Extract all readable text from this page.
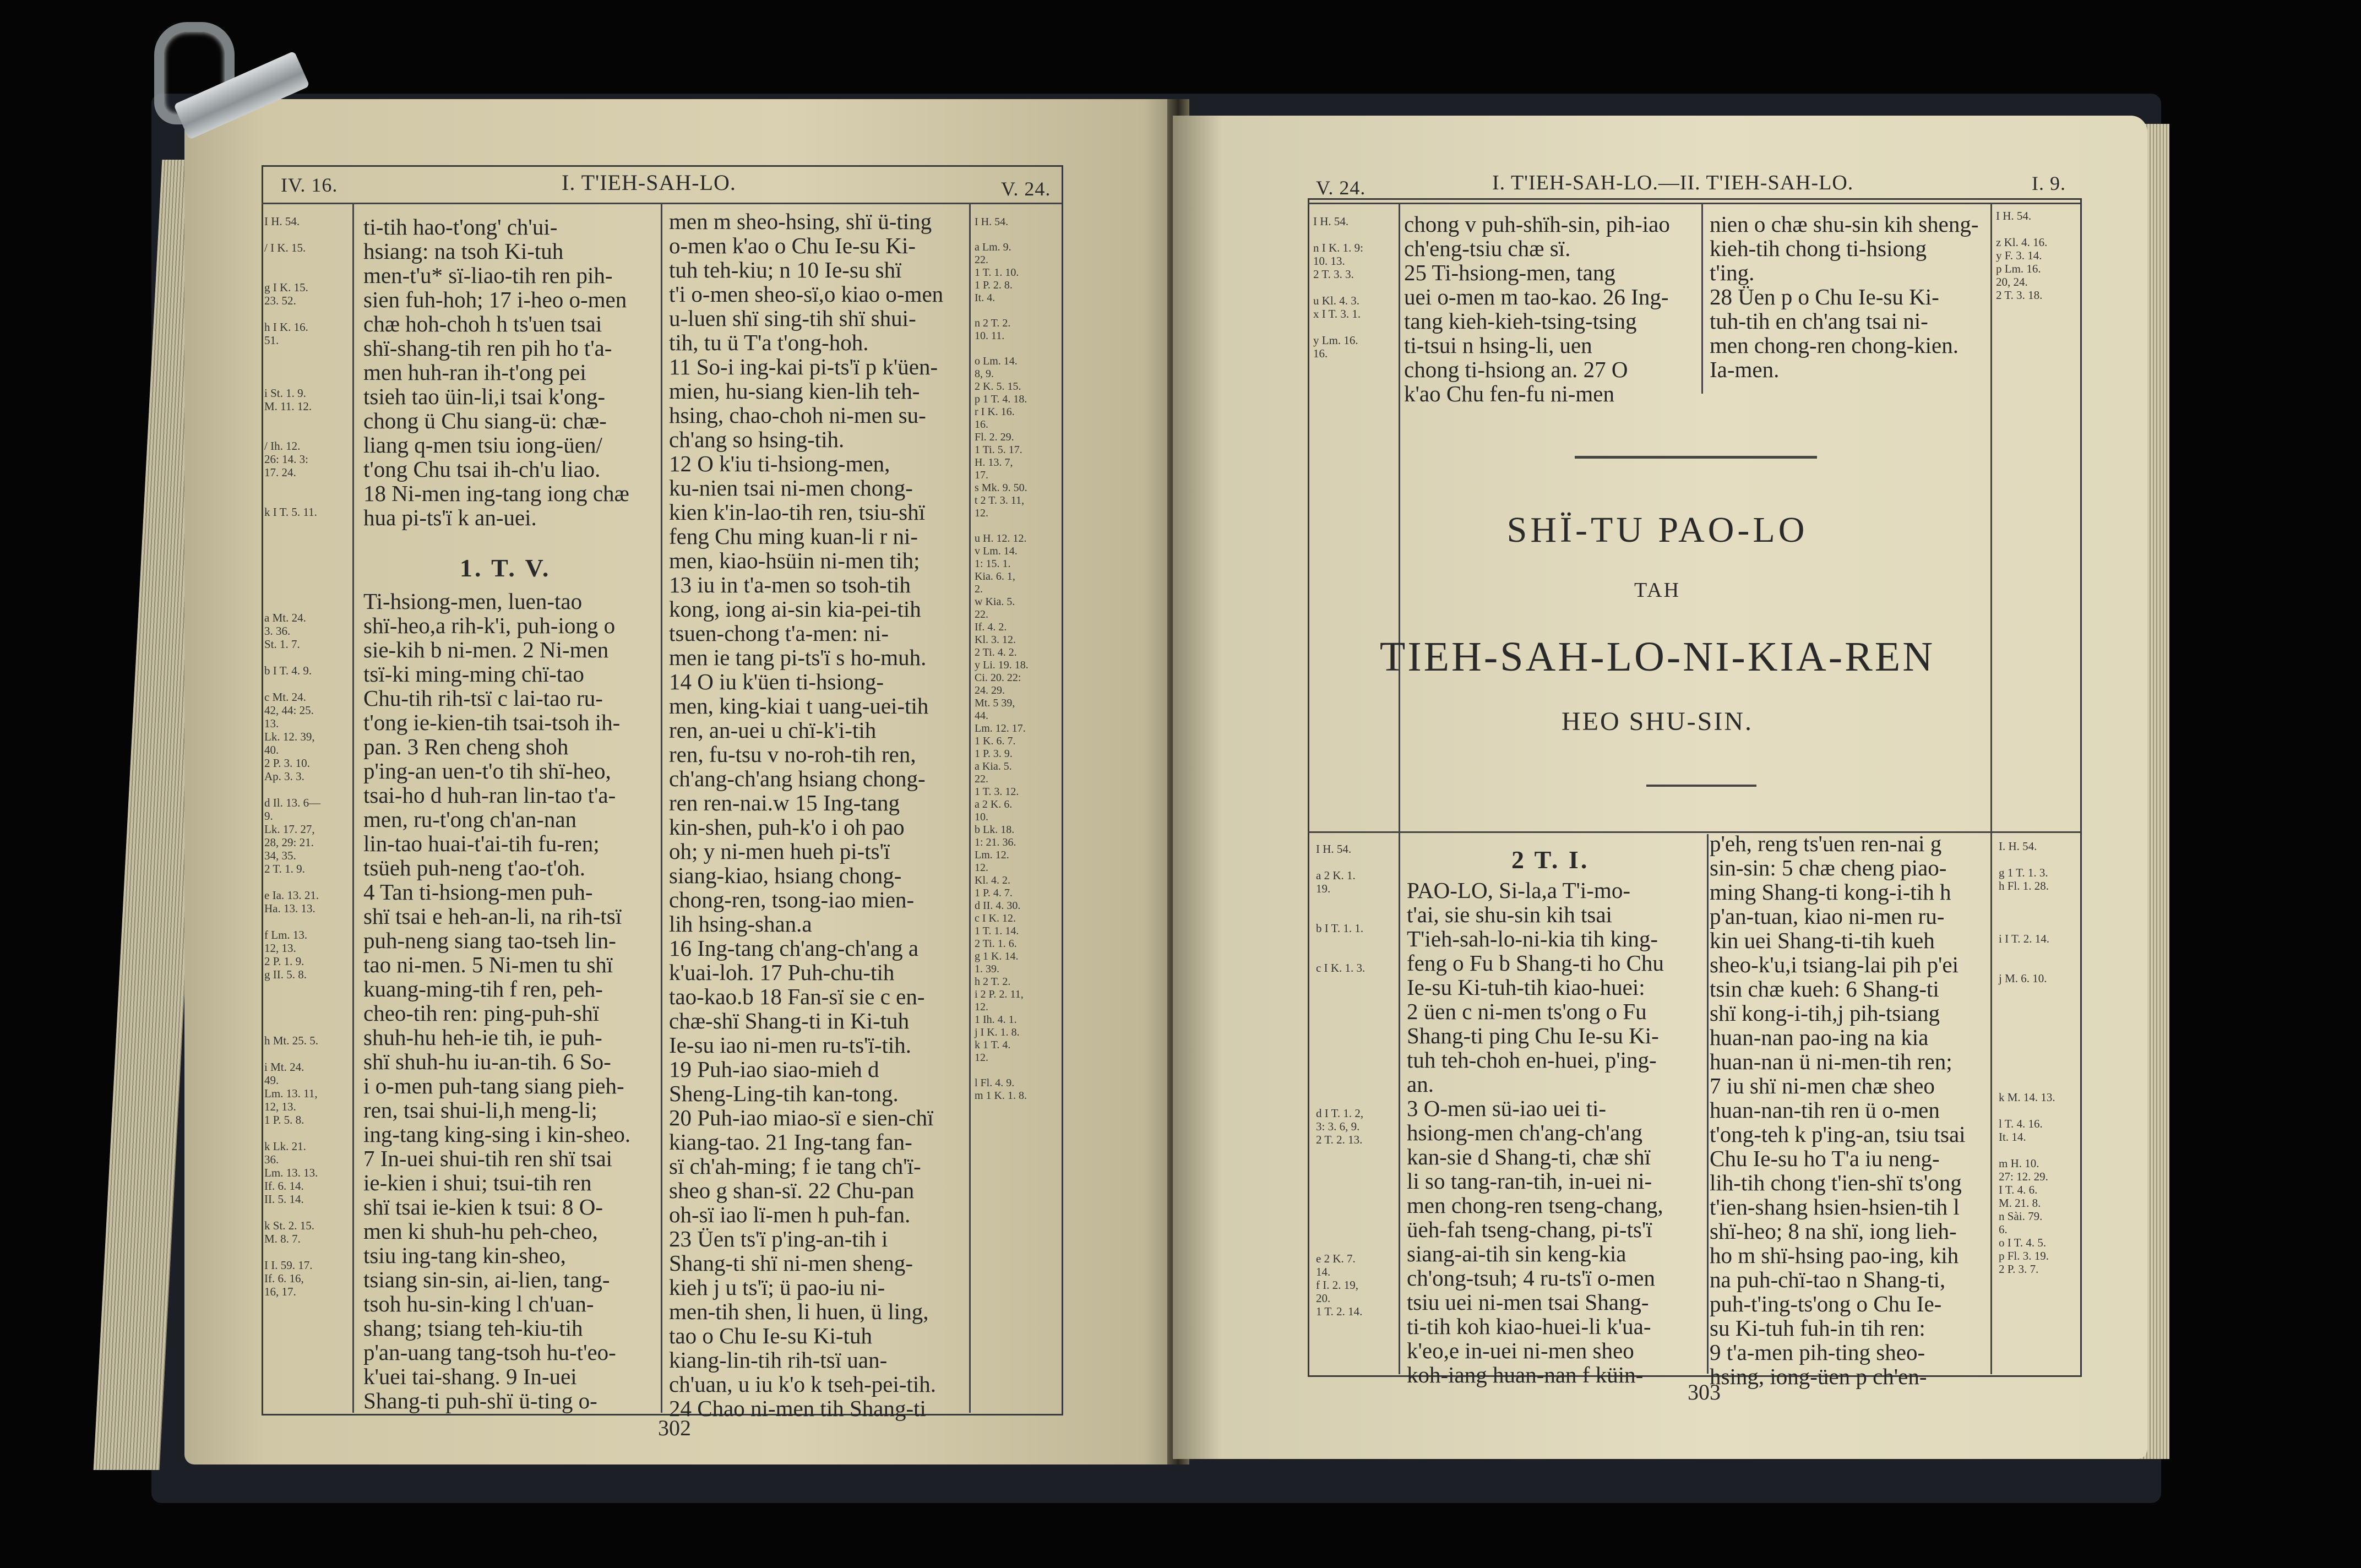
IV. 16.	I. T'IEH-SAH-LO.	V. 24.
I H. 54.

/ I K. 15.

g I K. 15.
23. 52.

h I K. 16.
51.

i St. 1. 9.
M. 11. 12.

/ Ih. 12.
26: 14. 3:
17. 24.

k I T. 5. 11.

a Mt. 24.
3. 36.
St. 1. 7.

b I T. 4. 9.

c Mt. 24.
42, 44: 25.
13.
Lk. 12. 39,
40.
2 P. 3. 10.
Ap. 3. 3.

d Il. 13. 6—
9.
Lk. 17. 27,
28, 29: 21.
34, 35.
2 T. 1. 9.

e Ia. 13. 21.
Ha. 13. 13.

f Lm. 13.
12, 13.
2 P. 1. 9.
g II. 5. 8.

h Mt. 25. 5.

i Mt. 24.
49.
Lm. 13. 11,
12, 13.
1 P. 5. 8.

k Lk. 21.
36.
Lm. 13. 13.
If. 6. 14.
II. 5. 14.

k St. 2. 15.
M. 8. 7.

I I. 59. 17.
If. 6. 16,
16, 17.
ti-tih hao-t'ong' ch'ui-
hsiang: na tsoh Ki-tuh
men-t'u* sï-liao-tih ren pih-
sien fuh-hoh; 17 i-heo o-men
chæ hoh-choh h ts'uen tsai
shï-shang-tih ren pih ho t'a-
men huh-ran ih-t'ong pei
tsieh tao üin-li,i tsai k'ong-
chong ü Chu siang-ü: chæ-
liang q-men tsiu iong-üen/
t'ong Chu tsai ih-ch'u liao.
18 Ni-men ing-tang iong chæ
hua pi-ts'ï k an-uei.
1. T. V.
Ti-hsiong-men, luen-tao
shï-heo,a rih-k'i, puh-iong o
sie-kih b ni-men. 2 Ni-men
tsï-ki ming-ming chï-tao
Chu-tih rih-tsï c lai-tao ru-
t'ong ie-kien-tih tsai-tsoh ih-
pan. 3 Ren cheng shoh
p'ing-an uen-t'o tih shï-heo,
tsai-ho d huh-ran lin-tao t'a-
men, ru-t'ong ch'an-nan
lin-tao huai-t'ai-tih fu-ren;
tsüeh puh-neng t'ao-t'oh.
4 Tan ti-hsiong-men puh-
shï tsai e heh-an-li, na rih-tsï
puh-neng siang tao-tseh lin-
tao ni-men. 5 Ni-men tu shï
kuang-ming-tih f ren, peh-
cheo-tih ren: ping-puh-shï
shuh-hu heh-ie tih, ie puh-
shï shuh-hu iu-an-tih. 6 So-
i o-men puh-tang siang pieh-
ren, tsai shui-li,h meng-li;
ing-tang king-sing i kin-sheo.
7 In-uei shui-tih ren shï tsai
ie-kien i shui; tsui-tih ren
shï tsai ie-kien k tsui: 8 O-
men ki shuh-hu peh-cheo,
tsiu ing-tang kin-sheo,
tsiang sin-sin, ai-lien, tang-
tsoh hu-sin-king l ch'uan-
shang; tsiang teh-kiu-tih
p'an-uang tang-tsoh hu-t'eo-
k'uei tai-shang. 9 In-uei
Shang-ti puh-shï ü-ting o-
men m sheo-hsing, shï ü-ting
o-men k'ao o Chu Ie-su Ki-
tuh teh-kiu; n 10 Ie-su shï
t'i o-men sheo-sï,o kiao o-men
u-luen shï sing-tih shï shui-
tih, tu ü T'a t'ong-hoh.
11 So-i ing-kai pi-ts'ï p k'üen-
mien, hu-siang kien-lih teh-
hsing, chao-choh ni-men su-
ch'ang so hsing-tih.
12 O k'iu ti-hsiong-men,
ku-nien tsai ni-men chong-
kien k'in-lao-tih ren, tsiu-shï
feng Chu ming kuan-li r ni-
men, kiao-hsüin ni-men tih;
13 iu in t'a-men so tsoh-tih
kong, iong ai-sin kia-pei-tih
tsuen-chong t'a-men: ni-
men ie tang pi-ts'ï s ho-muh.
14 O iu k'üen ti-hsiong-
men, king-kiai t uang-uei-tih
ren, an-uei u chï-k'i-tih
ren, fu-tsu v no-roh-tih ren,
ch'ang-ch'ang hsiang chong-
ren ren-nai.w 15 Ing-tang
kin-shen, puh-k'o i oh pao
oh; y ni-men hueh pi-ts'ï
siang-kiao, hsiang chong-
chong-ren, tsong-iao mien-
lih hsing-shan.a
16 Ing-tang ch'ang-ch'ang a
k'uai-loh. 17 Puh-chu-tih
tao-kao.b 18 Fan-sï sie c en-
chæ-shï Shang-ti in Ki-tuh
Ie-su iao ni-men ru-ts'ï-tih.
19 Puh-iao siao-mieh d
Sheng-Ling-tih kan-tong.
20 Puh-iao miao-sï e sien-chï
kiang-tao. 21 Ing-tang fan-
sï ch'ah-ming; f ie tang ch'ï-
sheo g shan-sï. 22 Chu-pan
oh-sï iao lï-men h puh-fan.
23 Üen ts'ï p'ing-an-tih i
Shang-ti shï ni-men sheng-
kieh j u ts'ï; ü pao-iu ni-
men-tih shen, li huen, ü ling,
tao o Chu Ie-su Ki-tuh
kiang-lin-tih rih-tsï uan-
ch'uan, u iu k'o k tseh-pei-tih.
24 Chao ni-men tih Shang-ti
I H. 54.

a Lm. 9.
22.
1 T. 1. 10.
1 P. 2. 8.
It. 4.

n 2 T. 2.
10. 11.

o Lm. 14.
8, 9.
2 K. 5. 15.
p 1 T. 4. 18.
r I K. 16.
16.
Fl. 2. 29.
1 Ti. 5. 17.
H. 13. 7,
17.
s Mk. 9. 50.
t 2 T. 3. 11,
12.

u H. 12. 12.
v Lm. 14.
1: 15. 1.
Kia. 6. 1,
2.
w Kia. 5.
22.
If. 4. 2.
Kl. 3. 12.
2 Ti. 4. 2.
y Li. 19. 18.
Ci. 20. 22:
24. 29.
Mt. 5 39,
44.
Lm. 12. 17.
1 K. 6. 7.
1 P. 3. 9.
a Kia. 5.
22.
1 T. 3. 12.
a 2 K. 6.
10.
b Lk. 18.
1: 21. 36.
Lm. 12.
12.
Kl. 4. 2.
1 P. 4. 7.
d II. 4. 30.
c I K. 12.
1 T. 1. 14.
2 Ti. 1. 6.
g 1 K. 14.
1. 39.
h 2 T. 2.
i 2 P. 2. 11,
12.
1 Ih. 4. 1.
j I K. 1. 8.
k 1 T. 4.
12.

l Fl. 4. 9.
m 1 K. 1. 8.
302
V. 24.	I. T'IEH-SAH-LO.—II. T'IEH-SAH-LO.	I. 9.
I H. 54.

n I K. 1. 9:
10. 13.
2 T. 3. 3.

u Kl. 4. 3.
x I T. 3. 1.

y Lm. 16.
16.
chong v puh-shïh-sin, pih-iao
ch'eng-tsiu chæ sï.
25 Ti-hsiong-men, tang
uei o-men m tao-kao. 26 Ing-
tang kieh-kieh-tsing-tsing
ti-tsui n hsing-li, uen
chong ti-hsiong an. 27 O
k'ao Chu fen-fu ni-men
nien o chæ shu-sin kih sheng-
kieh-tih chong ti-hsiong
t'ing.
28 Üen p o Chu Ie-su Ki-
tuh-tih en ch'ang tsai ni-
men chong-ren chong-kien.
Ia-men.
I H. 54.

z Kl. 4. 16.
y F. 3. 14.
p Lm. 16.
20, 24.
2 T. 3. 18.
SHÏ-TU PAO-LO
TAH
TIEH-SAH-LO-NI-KIA-REN
HEO SHU-SIN.
I H. 54.

a 2 K. 1.
19.

b I T. 1. 1.

c I K. 1. 3.

d I T. 1. 2,
3: 3. 6, 9.
2 T. 2. 13.

e 2 K. 7.
14.
f I. 2. 19,
20.
1 T. 2. 14.
2 T. I.
PAO-LO, Si-la,a T'i-mo-
t'ai, sie shu-sin kih tsai
T'ieh-sah-lo-ni-kia tih king-
feng o Fu b Shang-ti ho Chu
Ie-su Ki-tuh-tih kiao-huei:
2 üen c ni-men ts'ong o Fu
Shang-ti ping Chu Ie-su Ki-
tuh teh-choh en-huei, p'ing-
an.
3 O-men sü-iao uei ti-
hsiong-men ch'ang-ch'ang
kan-sie d Shang-ti, chæ shï
li so tang-ran-tih, in-uei ni-
men chong-ren tseng-chang,
üeh-fah tseng-chang, pi-ts'ï
siang-ai-tih sin keng-kia
ch'ong-tsuh; 4 ru-ts'ï o-men
tsiu uei ni-men tsai Shang-
ti-tih koh kiao-huei-li k'ua-
k'eo,e in-uei ni-men sheo
koh-iang huan-nan f küin-
p'eh, reng ts'uen ren-nai g
sin-sin: 5 chæ cheng piao-
ming Shang-ti kong-i-tih h
p'an-tuan, kiao ni-men ru-
kin uei Shang-ti-tih kueh
sheo-k'u,i tsiang-lai pih p'ei
tsin chæ kueh: 6 Shang-ti
shï kong-i-tih,j pih-tsiang
huan-nan pao-ing na kia
huan-nan ü ni-men-tih ren;
7 iu shï ni-men chæ sheo
huan-nan-tih ren ü o-men
t'ong-teh k p'ing-an, tsiu tsai
Chu Ie-su ho T'a iu neng-
lih-tih chong t'ien-shï ts'ong
t'ien-shang hsien-hsien-tih l
shï-heo; 8 na shï, iong lieh-
ho m shï-hsing pao-ing, kih
na puh-chï-tao n Shang-ti,
puh-t'ing-ts'ong o Chu Ie-
su Ki-tuh fuh-in tih ren:
9 t'a-men pih-ting sheo-
hsing, iong-üen p ch'en-
I. H. 54.

g 1 T. 1. 3.
h Fl. 1. 28.

i I T. 2. 14.

j M. 6. 10.

k M. 14. 13.

l T. 4. 16.
It. 14.

m H. 10.
27: 12. 29.
I T. 4. 6.
M. 21. 8.
n Sài. 79.
6.
o I T. 4. 5.
p Fl. 3. 19.
2 P. 3. 7.
303
